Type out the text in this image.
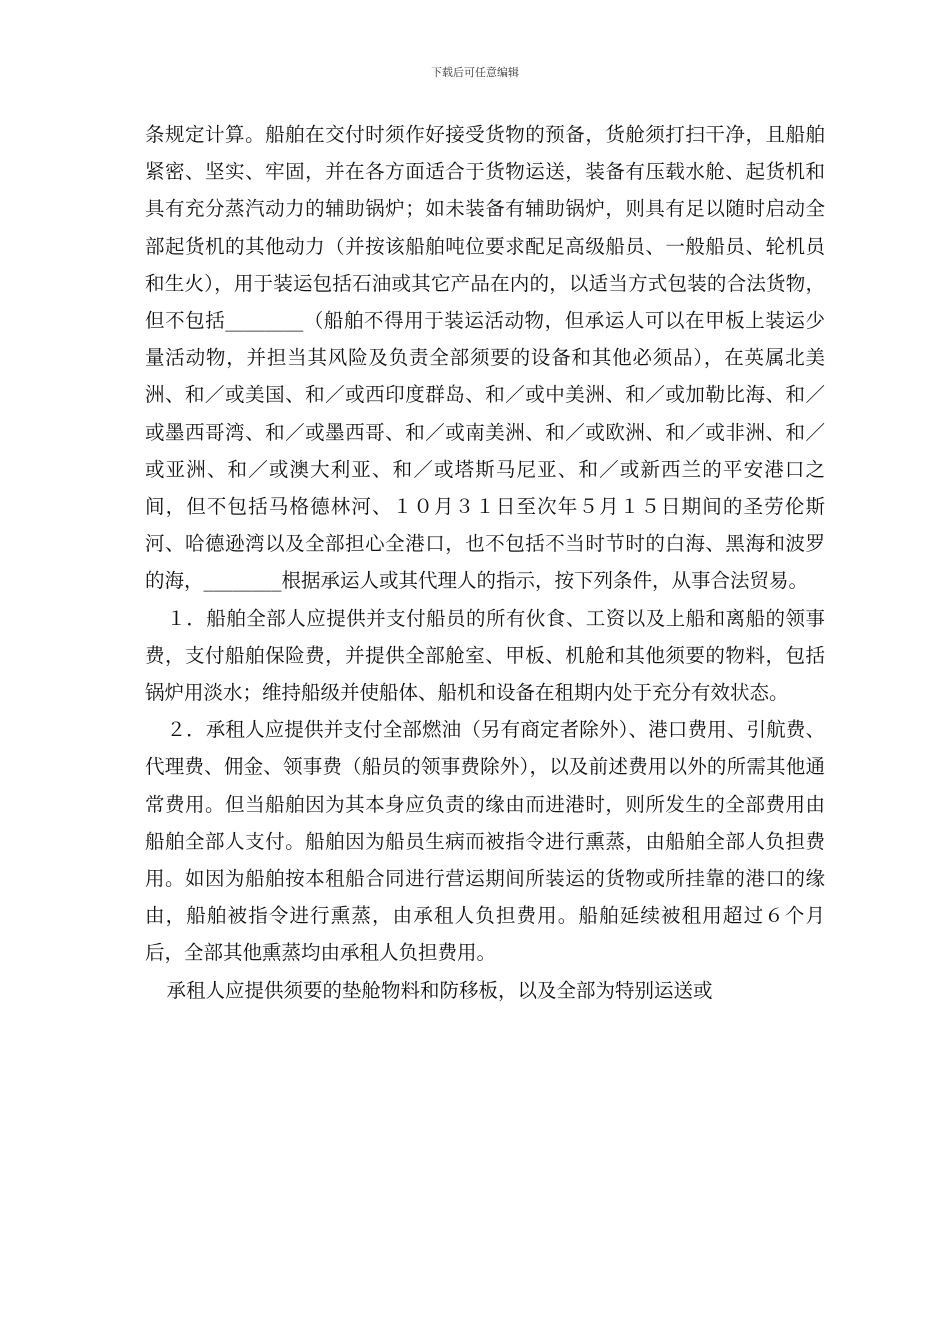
下载后可任意编辑

条规定计算。船舶在交付时须作好接受货物的预备，货舱须打扫干净，且船舶紧密、坚实、牢固，并在各方面适合于货物运送，装备有压载水舱、起货机和具有充分蒸汽动力的辅助锅炉；如未装备有辅助锅炉，则具有足以随时启动全部起货机的其他动力（并按该船舶吨位要求配足高级船员、一般船员、轮机员和生火），用于装运包括石油或其它产品在内的，以适当方式包装的合法货物，但不包括________（船舶不得用于装运活动物，但承运人可以在甲板上装运少量活动物，并担当其风险及负责全部须要的设备和其他必须品），在英属北美洲、和／或美国、和／或西印度群岛、和／或中美洲、和／或加勒比海、和／或墨西哥湾、和／或墨西哥、和／或南美洲、和／或欧洲、和／或非洲、和／或亚洲、和／或澳大利亚、和／或塔斯马尼亚、和／或新西兰的平安港口之间，但不包括马格德林河、１０月３１日至次年５月１５日期间的圣劳伦斯河、哈德逊湾以及全部担心全港口，也不包括不当时节时的白海、黑海和波罗的海，________根据承运人或其代理人的指示，按下列条件，从事合法贸易。

１．船舶全部人应提供并支付船员的所有伙食、工资以及上船和离船的领事费，支付船舶保险费，并提供全部舱室、甲板、机舱和其他须要的物料，包括锅炉用淡水；维持船级并使船体、船机和设备在租期内处于充分有效状态。

２．承租人应提供并支付全部燃油（另有商定者除外）、港口费用、引航费、代理费、佣金、领事费（船员的领事费除外），以及前述费用以外的所需其他通常费用。但当船舶因为其本身应负责的缘由而进港时，则所发生的全部费用由船舶全部人支付。船舶因为船员生病而被指令进行熏蒸，由船舶全部人负担费用。如因为船舶按本租船合同进行营运期间所装运的货物或所挂靠的港口的缘由，船舶被指令进行熏蒸，由承租人负担费用。船舶延续被租用超过６个月后，全部其他熏蒸均由承租人负担费用。

承租人应提供须要的垫舱物料和防移板，以及全部为特别运送或
